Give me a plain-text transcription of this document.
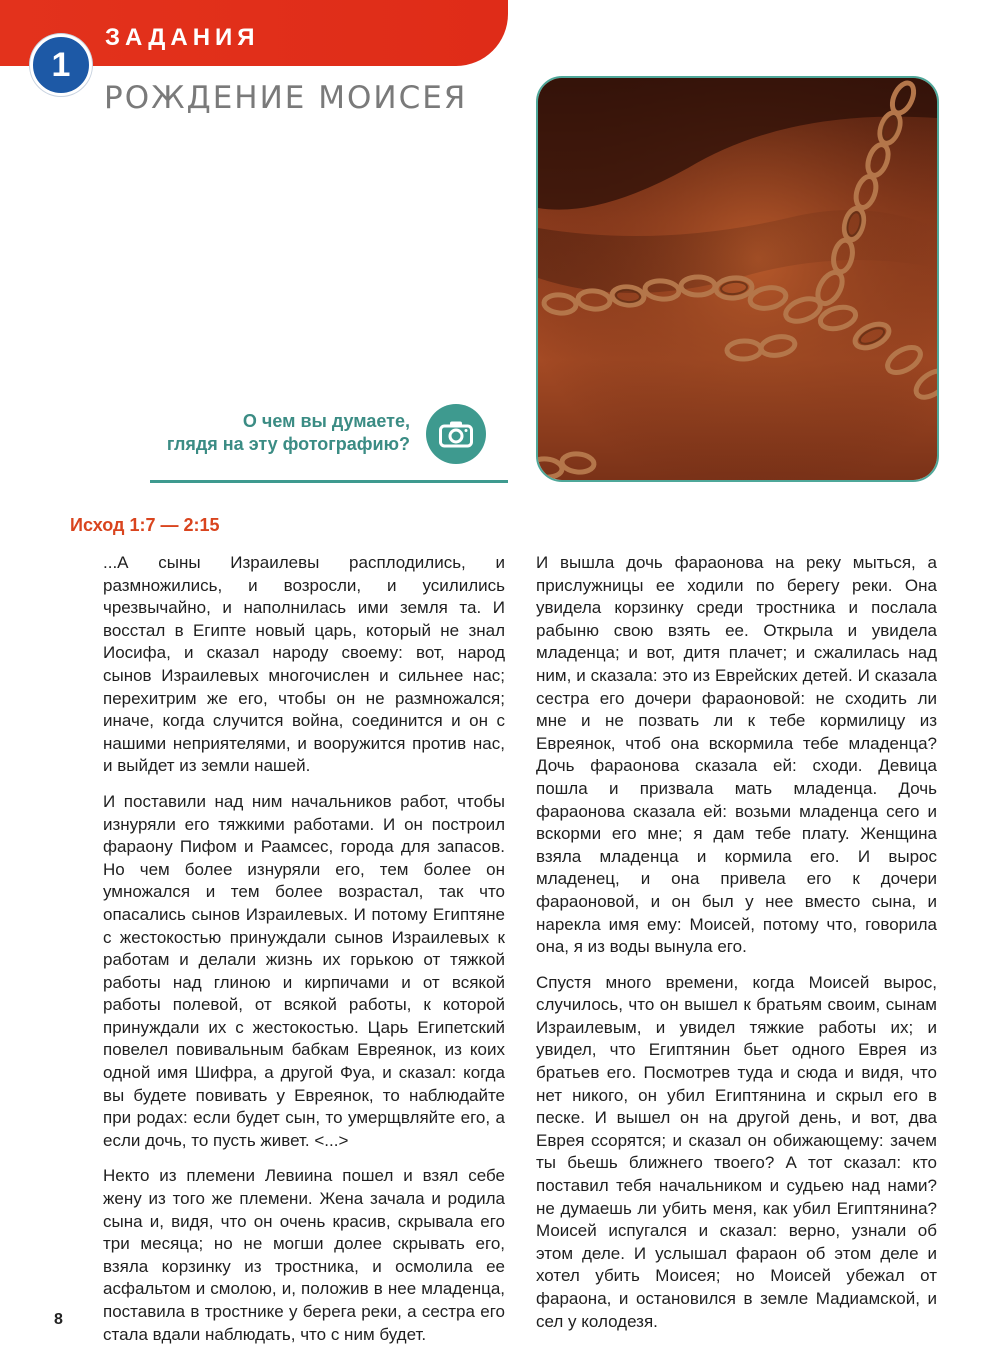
ЗАДАНИЯ
1
РОЖДЕНИЕ МОИСЕЯ
О чем вы думаете,
глядя на эту фотографию?
Исход 1:7 — 2:15

...А сыны Израилевы расплодились, и размножились, и возросли, и усилились чрезвычайно, и наполнилась ими земля та. И восстал в Египте новый царь, который не знал Иосифа, и сказал народу своему: вот, народ сынов Израилевых многочислен и сильнее нас; перехитрим же его, чтобы он не размножался; иначе, когда случится война, соединится и он с нашими неприятелями, и вооружится против нас, и выйдет из земли нашей.

И поставили над ним начальников работ, чтобы изнуряли его тяжкими работами. И он построил фараону Пифом и Раамсес, города для запасов. Но чем более изнуряли его, тем более он умножался и тем более возрастал, так что опасались сынов Израилевых. И потому Египтяне с жестокостью принуждали сынов Израилевых к работам и делали жизнь их горькою от тяжкой работы над глиною и кирпичами и от всякой работы полевой, от всякой работы, к которой принуждали их с жестокостью. Царь Египетский повелел повивальным бабкам Евреянок, из коих одной имя Шифра, а другой Фуа, и сказал: когда вы будете повивать у Евреянок, то наблюдайте при родах: если будет сын, то умерщвляйте его, а если дочь, то пусть живет. <...>

Некто из племени Левиина пошел и взял себе жену из того же племени. Жена зачала и родила сына и, видя, что он очень красив, скрывала его три месяца; но не могши долее скрывать его, взяла корзинку из тростника, и осмолила ее асфальтом и смолою, и, положив в нее младенца, поставила в тростнике у берега реки, а сестра его стала вдали наблюдать, что с ним будет.

И вышла дочь фараонова на реку мыться, а прислужницы ее ходили по берегу реки. Она увидела корзинку среди тростника и послала рабыню свою взять ее. Открыла и увидела младенца; и вот, дитя плачет; и сжалилась над ним, и сказала: это из Еврейских детей. И сказала сестра его дочери фараоновой: не сходить ли мне и не позвать ли к тебе кормилицу из Евреянок, чтоб она вскормила тебе младенца? Дочь фараонова сказала ей: сходи. Девица пошла и призвала мать младенца. Дочь фараонова сказала ей: возьми младенца сего и вскорми его мне; я дам тебе плату. Женщина взяла младенца и кормила его. И вырос младенец, и она привела его к дочери фараоновой, и он был у нее вместо сына, и нарекла имя ему: Моисей, потому что, говорила она, я из воды вынула его.

Спустя много времени, когда Моисей вырос, случилось, что он вышел к братьям своим, сынам Израилевым, и увидел тяжкие работы их; и увидел, что Египтянин бьет одного Еврея из братьев его. Посмотрев туда и сюда и видя, что нет никого, он убил Египтянина и скрыл его в песке. И вышел он на другой день, и вот, два Еврея ссорятся; и сказал он обижающему: зачем ты бьешь ближнего твоего? А тот сказал: кто поставил тебя начальником и судьею над нами? не думаешь ли убить меня, как убил Египтянина? Моисей испугался и сказал: верно, узнали об этом деле. И услышал фараон об этом деле и хотел убить Моисея; но Моисей убежал от фараона, и остановился в земле Мадиамской, и сел у колодезя.

8
